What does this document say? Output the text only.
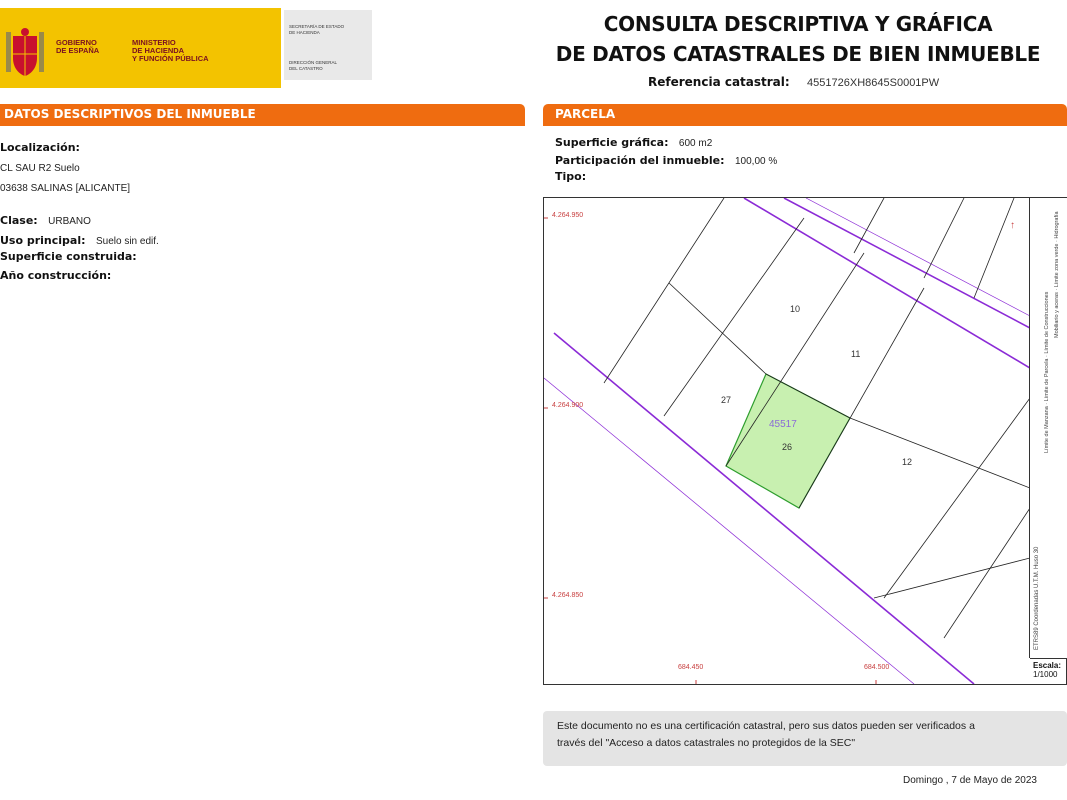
GOBIERNO
DE ESPAÑA
MINISTERIO
DE HACIENDA
Y FUNCIÓN PÚBLICA
SECRETARÍA DE ESTADO
DE HACIENDA
DIRECCIÓN GENERAL
DEL CATASTRO
CONSULTA DESCRIPTIVA Y GRÁFICA
DE DATOS CATASTRALES DE BIEN INMUEBLE
Referencia catastral: 4551726XH8645S0001PW
DATOS DESCRIPTIVOS DEL INMUEBLE
Localización:
CL SAU R2 Suelo
03638 SALINAS [ALICANTE]
Clase: URBANO
Uso principal: Suelo sin edif.
Superficie construida:
Año construcción:
PARCELA
Superficie gráfica: 600 m2
Participación del inmueble: 100,00 %
Tipo:
4.264.950
4.264.900
4.264.850
684.450	684.500
10
11
27
12
26
45517
↑
ETRS89 Coordenadas U.T.M. Huso 30
Límite de Manzana · Límite de Parcela · Límite de Construcciones Mobiliario y aceras · Límite zona verde · Hidrografía
Escala:
1/1000
Este documento no es una certificación catastral, pero sus datos pueden ser verificados a
través del "Acceso a datos catastrales no protegidos de la SEC"
Domingo , 7 de Mayo de 2023
